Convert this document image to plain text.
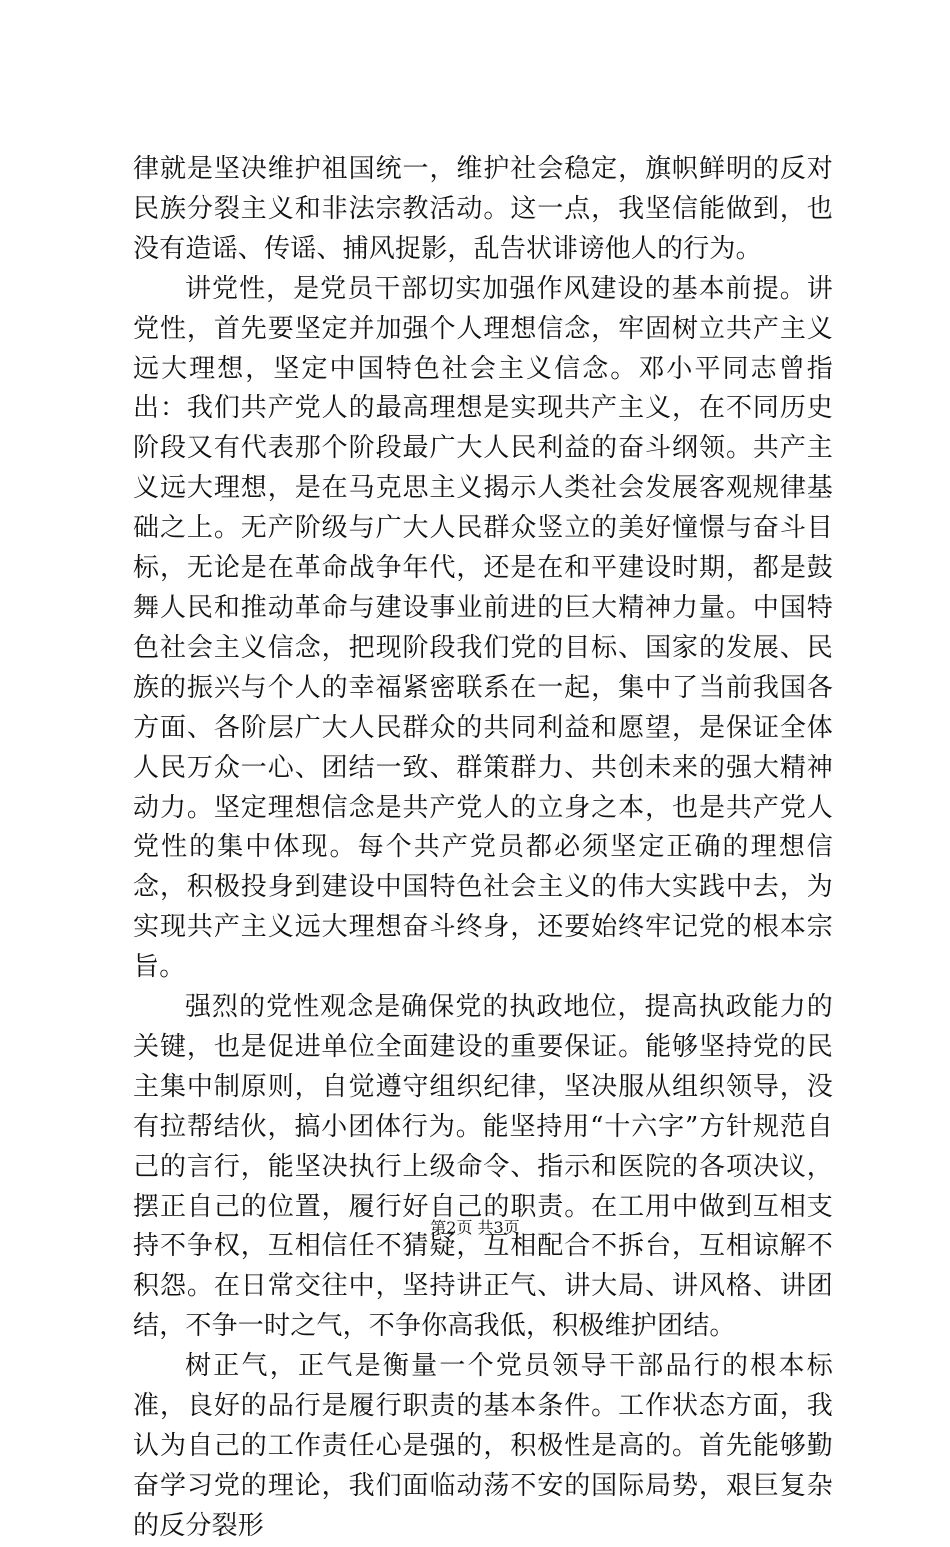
律就是坚决维护祖国统一，维护社会稳定，旗帜鲜明的反对民族分裂主义和非法宗教活动。这一点，我坚信能做到，也没有造谣、传谣、捕风捉影，乱告状诽谤他人的行为。

讲党性，是党员干部切实加强作风建设的基本前提。讲党性，首先要坚定并加强个人理想信念，牢固树立共产主义远大理想，坚定中国特色社会主义信念。邓小平同志曾指出：我们共产党人的最高理想是实现共产主义，在不同历史阶段又有代表那个阶段最广大人民利益的奋斗纲领。共产主义远大理想，是在马克思主义揭示人类社会发展客观规律基础之上。无产阶级与广大人民群众竖立的美好憧憬与奋斗目标，无论是在革命战争年代，还是在和平建设时期，都是鼓舞人民和推动革命与建设事业前进的巨大精神力量。中国特色社会主义信念，把现阶段我们党的目标、国家的发展、民族的振兴与个人的幸福紧密联系在一起，集中了当前我国各方面、各阶层广大人民群众的共同利益和愿望，是保证全体人民万众一心、团结一致、群策群力、共创未来的强大精神动力。坚定理想信念是共产党人的立身之本，也是共产党人党性的集中体现。每个共产党员都必须坚定正确的理想信念，积极投身到建设中国特色社会主义的伟大实践中去，为实现共产主义远大理想奋斗终身，还要始终牢记党的根本宗旨。

强烈的党性观念是确保党的执政地位，提高执政能力的关键，也是促进单位全面建设的重要保证。能够坚持党的民主集中制原则，自觉遵守组织纪律，坚决服从组织领导，没有拉帮结伙，搞小团体行为。能坚持用“十六字”方针规范自己的言行，能坚决执行上级命令、指示和医院的各项决议，摆正自己的位置，履行好自己的职责。在工用中做到互相支持不争权，互相信任不猜疑，互相配合不拆台，互相谅解不积怨。在日常交往中，坚持讲正气、讲大局、讲风格、讲团结，不争一时之气，不争你高我低，积极维护团结。

树正气，正气是衡量一个党员领导干部品行的根本标准，良好的品行是履行职责的基本条件。工作状态方面，我认为自己的工作责任心是强的，积极性是高的。首先能够勤奋学习党的理论，我们面临动荡不安的国际局势，艰巨复杂的反分裂形

第2页 共3页
